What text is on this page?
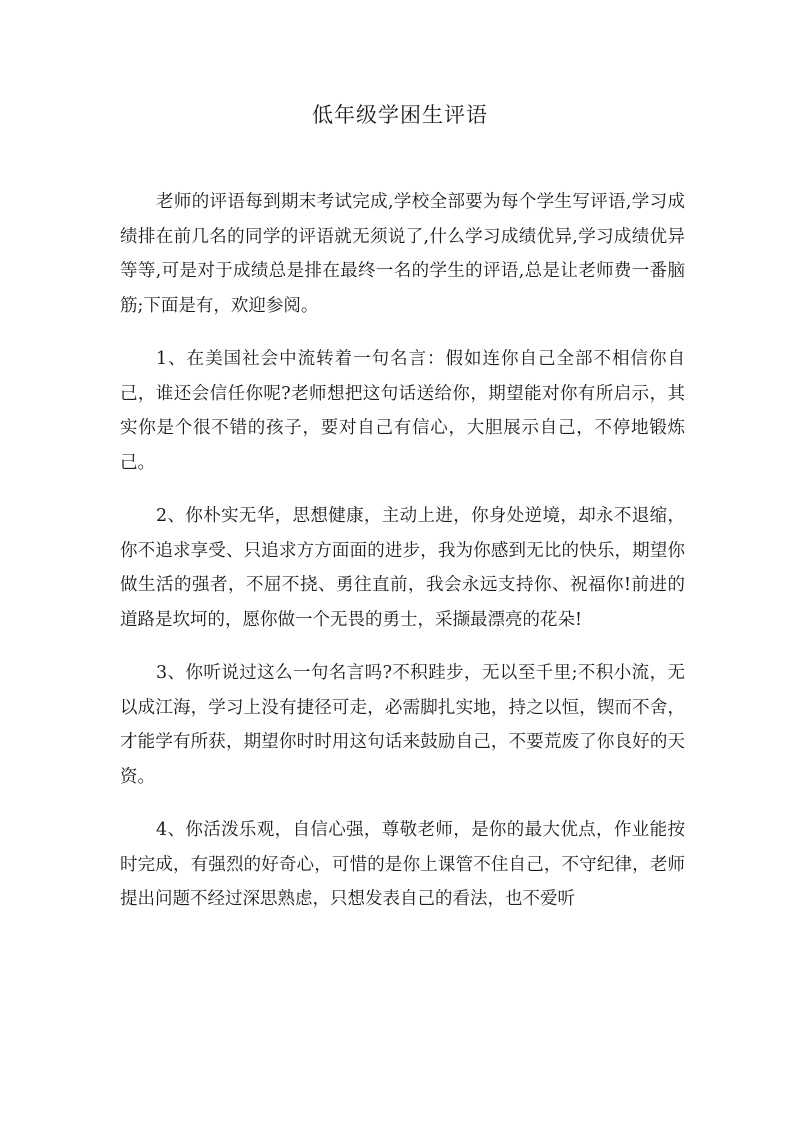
低年级学困生评语

老师的评语每到期末考试完成,学校全部要为每个学生写评语,学习成绩排在前几名的同学的评语就无须说了,什么学习成绩优异,学习成绩优异等等,可是对于成绩总是排在最终一名的学生的评语,总是让老师费一番脑筋;下面是有，欢迎参阅。

1、在美国社会中流转着一句名言：假如连你自己全部不相信你自己，谁还会信任你呢?老师想把这句话送给你，期望能对你有所启示，其实你是个很不错的孩子，要对自己有信心，大胆展示自己，不停地锻炼己。

2、你朴实无华，思想健康，主动上进，你身处逆境，却永不退缩，你不追求享受、只追求方方面面的进步，我为你感到无比的快乐，期望你做生活的强者，不屈不挠、勇往直前，我会永远支持你、祝福你!前进的道路是坎坷的，愿你做一个无畏的勇士，采撷最漂亮的花朵!

3、你听说过这么一句名言吗?不积跬步，无以至千里;不积小流，无以成江海，学习上没有捷径可走，必需脚扎实地，持之以恒，锲而不舍，才能学有所获，期望你时时用这句话来鼓励自己，不要荒废了你良好的天资。

4、你活泼乐观，自信心强，尊敬老师，是你的最大优点，作业能按时完成，有强烈的好奇心，可惜的是你上课管不住自己，不守纪律，老师提出问题不经过深思熟虑，只想发表自己的看法，也不爱听
